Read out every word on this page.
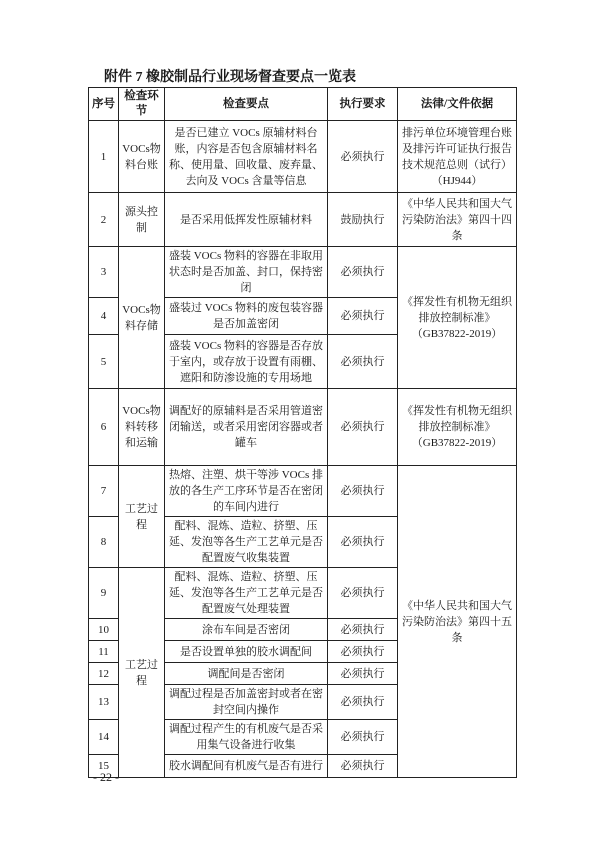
附件 7 橡胶制品行业现场督查要点一览表
序号	检查环节	检查要点	执行要求	法律/文件依据
1	VOCs物料台账	是否已建立 VOCs 原辅材料台账，内容是否包含原辅材料名称、使用量、回收量、废弃量、去向及 VOCs 含量等信息	必须执行	排污单位环境管理台账及排污许可证执行报告技术规范总则（试行）（HJ944）
2	源头控制	是否采用低挥发性原辅材料	鼓励执行	《中华人民共和国大气污染防治法》第四十四条
3	VOCs物料存储	盛装 VOCs 物料的容器在非取用状态时是否加盖、封口，保持密闭	必须执行	《挥发性有机物无组织排放控制标准》（GB37822-2019）
4		盛装过 VOCs 物料的废包装容器是否加盖密闭	必须执行	
5		盛装 VOCs 物料的容器是否存放于室内，或存放于设置有雨棚、遮阳和防渗设施的专用场地	必须执行	
6	VOCs物料转移和运输	调配好的原辅料是否采用管道密闭输送，或者采用密闭容器或者罐车	必须执行	《挥发性有机物无组织排放控制标准》（GB37822-2019）
7	工艺过程	热熔、注塑、烘干等涉 VOCs 排放的各生产工序环节是否在密闭的车间内进行	必须执行	《中华人民共和国大气污染防治法》第四十五条
8		配料、混炼、造粒、挤塑、压延、发泡等各生产工艺单元是否配置废气收集装置	必须执行	
9	工艺过程	配料、混炼、造粒、挤塑、压延、发泡等各生产工艺单元是否配置废气处理装置	必须执行	
10		涂布车间是否密闭	必须执行	
11		是否设置单独的胶水调配间	必须执行	
12		调配间是否密闭	必须执行	
13		调配过程是否加盖密封或者在密封空间内操作	必须执行	
14		调配过程产生的有机废气是否采用集气设备进行收集	必须执行	
15		胶水调配间有机废气是否有进行	必须执行	
- 22 -
